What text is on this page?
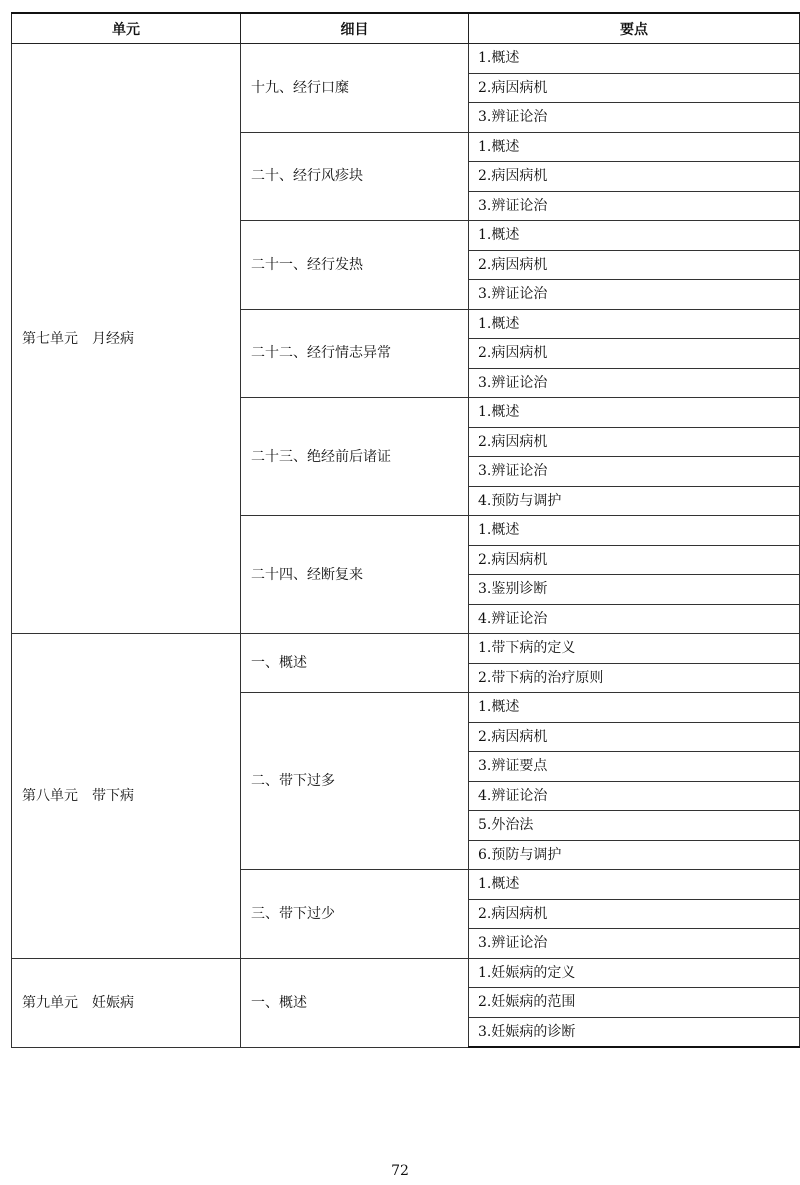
单元	细目	要点
第七单元　月经病	十九、经行口糜	1.概述
		2.病因病机
		3.辨证论治
	二十、经行风疹块	1.概述
		2.病因病机
		3.辨证论治
	二十一、经行发热	1.概述
		2.病因病机
		3.辨证论治
	二十二、经行情志异常	1.概述
		2.病因病机
		3.辨证论治
	二十三、绝经前后诸证	1.概述
		2.病因病机
		3.辨证论治
		4.预防与调护
	二十四、经断复来	1.概述
		2.病因病机
		3.鉴别诊断
		4.辨证论治
第八单元　带下病	一、概述	1.带下病的定义
		2.带下病的治疗原则
	二、带下过多	1.概述
		2.病因病机
		3.辨证要点
		4.辨证论治
		5.外治法
		6.预防与调护
	三、带下过少	1.概述
		2.病因病机
		3.辨证论治
第九单元　妊娠病	一、概述	1.妊娠病的定义
		2.妊娠病的范围
		3.妊娠病的诊断
72
